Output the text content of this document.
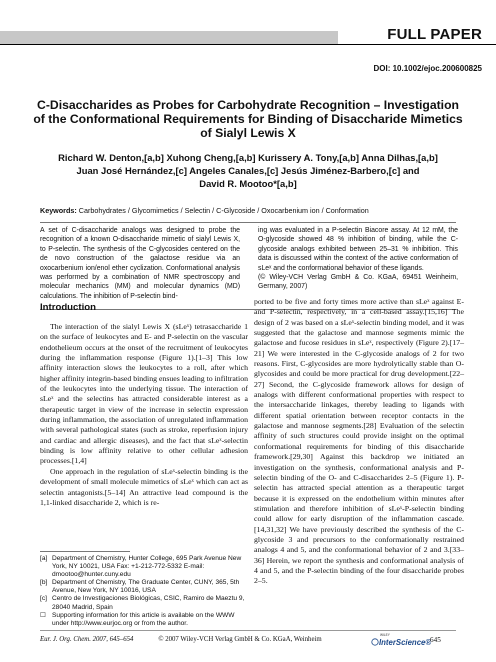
FULL PAPER
DOI: 10.1002/ejoc.200600825
C-Disaccharides as Probes for Carbohydrate Recognition – Investigation of the Conformational Requirements for Binding of Disaccharide Mimetics of Sialyl Lewis X
Richard W. Denton,[a,b] Xuhong Cheng,[a,b] Kurissery A. Tony,[a,b] Anna Dilhas,[a,b]
Juan José Hernández,[c] Angeles Canales,[c] Jesús Jiménez-Barbero,[c] and
David R. Mootoo*[a,b]
Keywords: Carbohydrates / Glycomimetics / Selectin / C-Glycoside / Oxocarbenium ion / Conformation
A set of C-disaccharide analogs was designed to probe the recognition of a known O-disaccharide mimetic of sialyl Lewis X, to P-selectin. The synthesis of the C-glycosides centered on the de novo construction of the galactose residue via an oxocarbenium ion/enol ether cyclization. Conformational analysis was performed by a combination of NMR spectroscopy and molecular mechanics (MM) and molecular dynamics (MD) calculations. The inhibition of P-selectin bind-
ing was evaluated in a P-selectin Biacore assay. At 12 mM, the O-glycoside showed 48 % inhibition of binding, while the C-glycoside analogs exhibited between 25–31 % inhibition. This data is discussed within the context of the active conformation of sLeˣ and the conformational behavior of these ligands.
(© Wiley-VCH Verlag GmbH & Co. KGaA, 69451 Weinheim, Germany, 2007)
Introduction

The interaction of the sialyl Lewis X (sLeˣ) tetrasaccharide 1 on the surface of leukocytes and E- and P-selectin on the vascular endothelieum occurs at the onset of the recruitment of leukocytes during the inflammation response (Figure 1).[1–3] This low affinity interaction slows the leukocytes to a roll, after which higher affinity integrin-based binding ensues leading to infiltration of the leukocytes into the underlying tissue. The interaction of sLeˣ and the selectins has attracted considerable interest as a therapeutic target in view of the increase in selectin expression during inflammation, the association of unregulated inflammation with several pathological states (such as stroke, reperfusion injury and cardiac and allergic diseases), and the fact that sLeˣ-selectin binding is low affinity relative to other cellular adhesion processes.[1,4]

One approach in the regulation of sLeˣ-selectin binding is the development of small molecule mimetics of sLeˣ which can act as selectin antagonists.[5–14] An attractive lead compound is the 1,1-linked disaccharide 2, which is re-

ported to be five and forty times more active than sLeˣ against E- and P-selectin, respectively, in a cell-based assay.[15,16] The design of 2 was based on a sLeˣ-selectin binding model, and it was suggested that the galactose and mannose segments mimic the galactose and fucose residues in sLeˣ, respectively (Figure 2).[17–21] We were interested in the C-glycoside analogs of 2 for two reasons. First, C-glycosides are more hydrolytically stable than O-glycosides and could be more practical for drug development.[22–27] Second, the C-glycoside framework allows for design of analogs with different conformational properties with respect to the intersaccharide linkages, thereby leading to ligands with different spatial orientation between receptor contacts in the galactose and mannose segments.[28] Evaluation of the selectin affinity of such structures could provide insight on the optimal conformational requirements for binding of this disaccharide framework.[29,30] Against this backdrop we initiated an investigation on the synthesis, conformational analysis and P-selectin binding of the O- and C-disaccharides 2–5 (Figure 1). P-selectin has attracted special attention as a therapeutic target because it is expressed on the endothelium within minutes after stimulation and therefore inhibition of sLeˣ-P-selectin binding could allow for early disruption of the inflammation cascade.[14,31,32] We have previously described the synthesis of the C-glycoside 3 and precursors to the conformationally restrained analogs 4 and 5, and the conformational behavior of 2 and 3.[33–36] Herein, we report the synthesis and conformational analysis of 4 and 5, and the P-selectin binding of the four disaccharide probes 2–5.

[a] Department of Chemistry, Hunter College, 695 Park Avenue New York, NY 10021, USA Fax: +1-212-772-5332 E-mail: dmootoo@hunter.cuny.edu
[b] Department of Chemistry, The Graduate Center, CUNY, 365, 5th Avenue, New York, NY 10016, USA
[c] Centro de Investigaciones Biológicas, CSIC, Ramiro de Maeztu 9, 28040 Madrid, Spain
☐ Supporting information for this article is available on the WWW under http://www.eurjoc.org or from the author.
Eur. J. Org. Chem. 2007, 645–654	© 2007 Wiley-VCH Verlag GmbH & Co. KGaA, Weinheim
WILEY
InterScience®
645
